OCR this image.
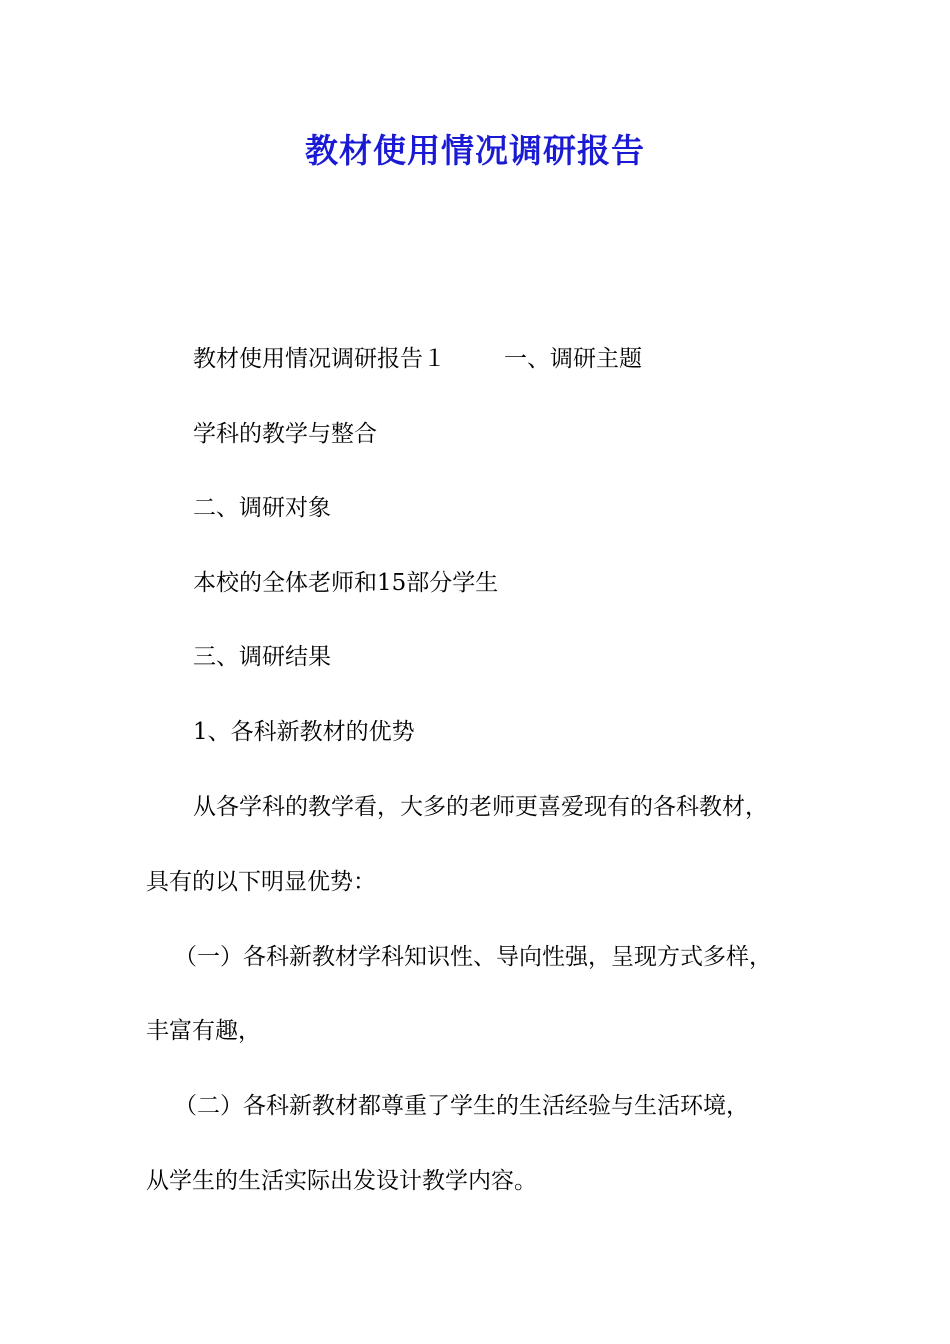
教材使用情况调研报告
教材使用情况调研报告１	一、调研主题
学科的教学与整合
二、调研对象
本校的全体老师和15部分学生
三、调研结果
1、各科新教材的优势
从各学科的教学看，大多的老师更喜爱现有的各科教材，
具有的以下明显优势：
（一）各科新教材学科知识性、导向性强，呈现方式多样，
丰富有趣，
（二）各科新教材都尊重了学生的生活经验与生活环境，
从学生的生活实际出发设计教学内容。
